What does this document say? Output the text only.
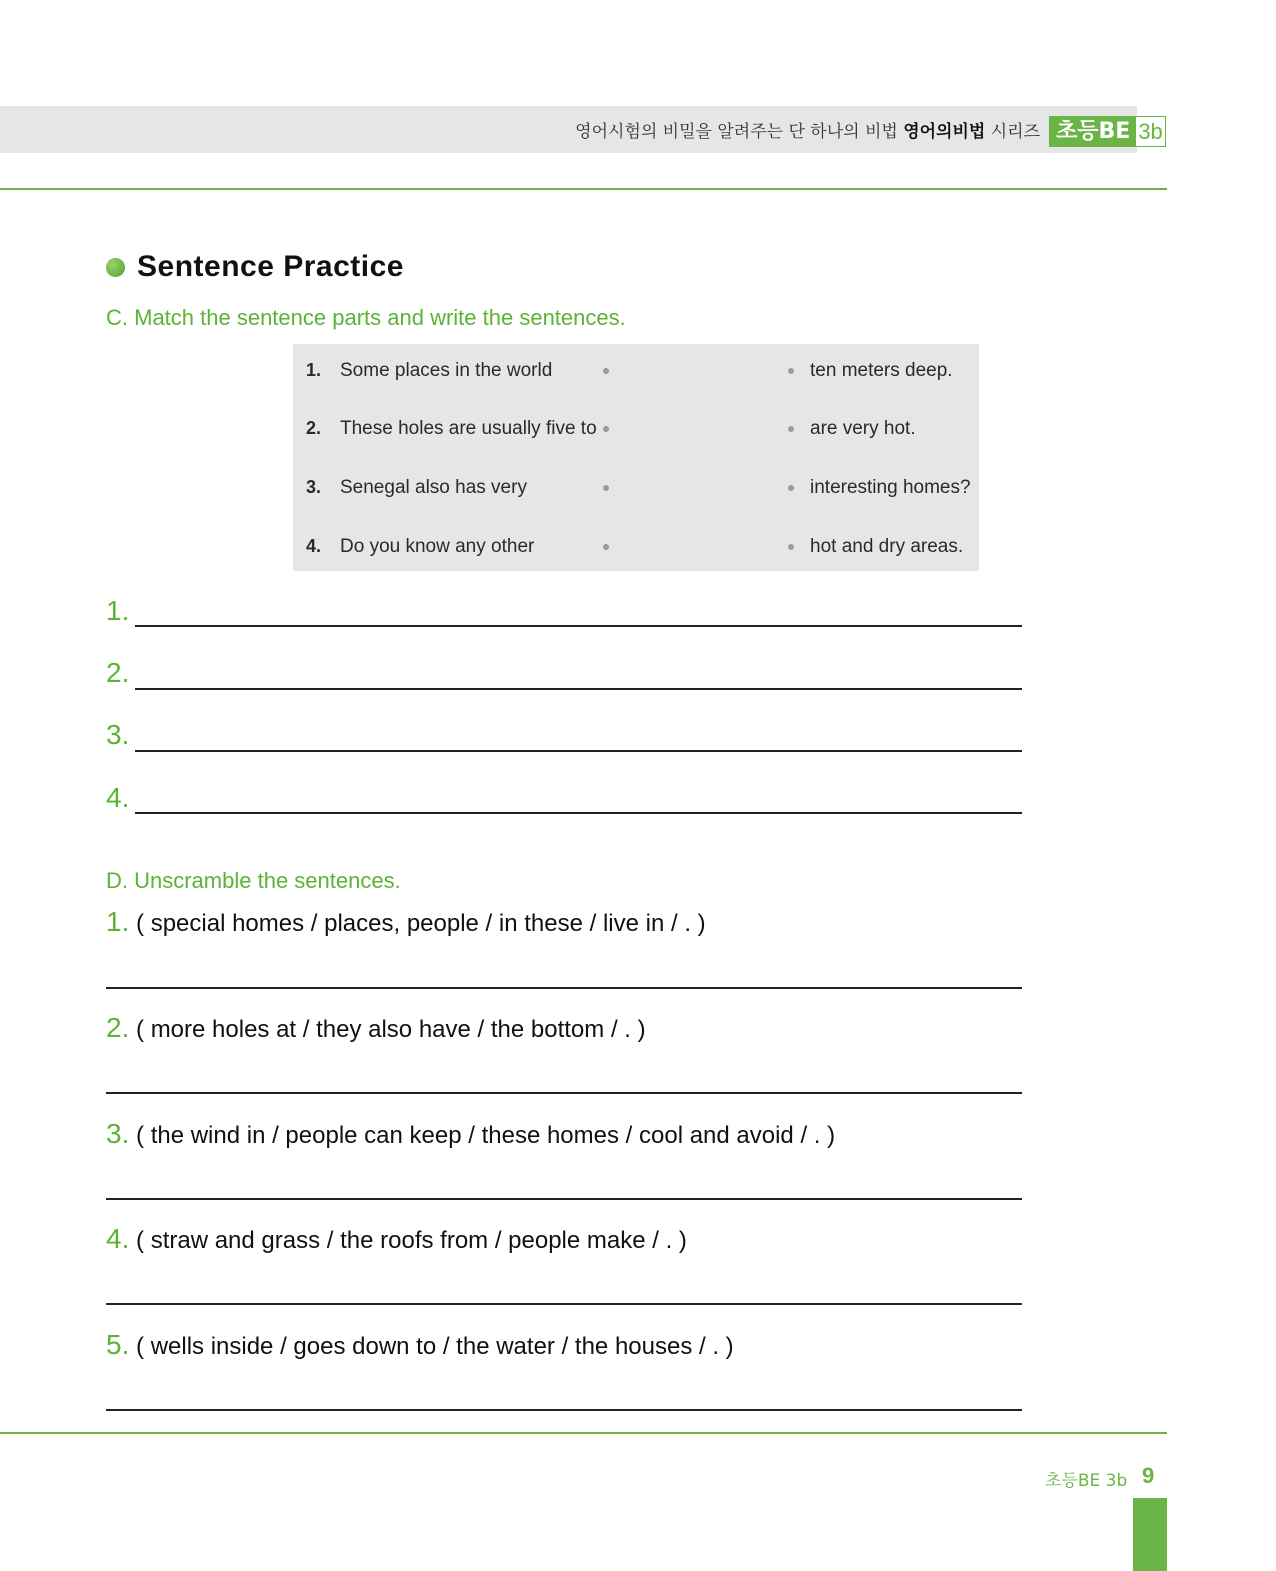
영어시험의 비밀을 알려주는 단 하나의 비법 영어의비법 시리즈 초등BE 3b
Sentence Practice
C. Match the sentence parts and write the sentences.
1. Some places in the world	ten meters deep.
2. These holes are usually five to	are very hot.
3. Senegal also has very	interesting homes?
4. Do you know any other	hot and dry areas.
1.
2.
3.
4.
D. Unscramble the sentences.
1. ( special homes / places, people / in these / live in / . )
2. ( more holes at / they also have / the bottom / . )
3. ( the wind in / people can keep / these homes / cool and avoid / . )
4. ( straw and grass / the roofs from / people make / . )
5. ( wells inside / goes down to / the water / the houses / . )
초등BE 3b 9
